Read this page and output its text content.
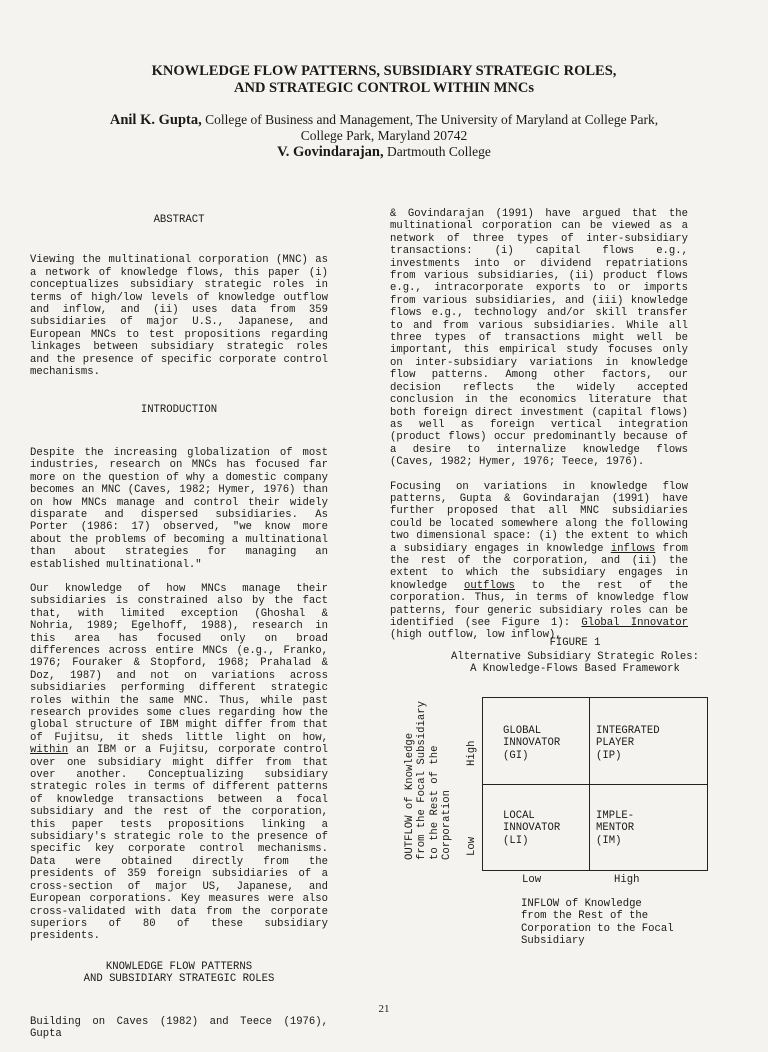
KNOWLEDGE FLOW PATTERNS, SUBSIDIARY STRATEGIC ROLES,
AND STRATEGIC CONTROL WITHIN MNCs
Anil K. Gupta, College of Business and Management, The University of Maryland at College Park,
College Park, Maryland 20742
V. Govindarajan, Dartmouth College
ABSTRACT

Viewing the multinational corporation (MNC) as a network of knowledge flows, this paper (i) conceptualizes subsidiary strategic roles in terms of high/low levels of knowledge outflow and inflow, and (ii) uses data from 359 subsidiaries of major U.S., Japanese, and European MNCs to test propositions regarding linkages between subsidiary strategic roles and the presence of specific corporate control mechanisms.

INTRODUCTION

Despite the increasing globalization of most industries, research on MNCs has focused far more on the question of why a domestic company becomes an MNC (Caves, 1982; Hymer, 1976) than on how MNCs manage and control their widely disparate and dispersed subsidiaries. As Porter (1986: 17) observed, "we know more about the problems of becoming a multinational than about strategies for managing an established multinational."

Our knowledge of how MNCs manage their subsidiaries is constrained also by the fact that, with limited exception (Ghoshal & Nohria, 1989; Egelhoff, 1988), research in this area has focused only on broad differences across entire MNCs (e.g., Franko, 1976; Fouraker & Stopford, 1968; Prahalad & Doz, 1987) and not on variations across subsidiaries performing different strategic roles within the same MNC. Thus, while past research provides some clues regarding how the global structure of IBM might differ from that of Fujitsu, it sheds little light on how, within an IBM or a Fujitsu, corporate control over one subsidiary might differ from that over another. Conceptualizing subsidiary strategic roles in terms of different patterns of knowledge transactions between a focal subsidiary and the rest of the corporation, this paper tests propositions linking a subsidiary's strategic role to the presence of specific key corporate control mechanisms. Data were obtained directly from the presidents of 359 foreign subsidiaries of a cross-section of major US, Japanese, and European corporations. Key measures were also cross-validated with data from the corporate superiors of 80 of these subsidiary presidents.

KNOWLEDGE FLOW PATTERNS
AND SUBSIDIARY STRATEGIC ROLES

Building on Caves (1982) and Teece (1976), Gupta

& Govindarajan (1991) have argued that the multinational corporation can be viewed as a network of three types of inter-subsidiary transactions: (i) capital flows e.g., investments into or dividend repatriations from various subsidiaries, (ii) product flows e.g., intracorporate exports to or imports from various subsidiaries, and (iii) knowledge flows e.g., technology and/or skill transfer to and from various subsidiaries. While all three types of transactions might well be important, this empirical study focuses only on inter-subsidiary variations in knowledge flow patterns. Among other factors, our decision reflects the widely accepted conclusion in the economics literature that both foreign direct investment (capital flows) as well as foreign vertical integration (product flows) occur predominantly because of a desire to internalize knowledge flows (Caves, 1982; Hymer, 1976; Teece, 1976).

Focusing on variations in knowledge flow patterns, Gupta & Govindarajan (1991) have further proposed that all MNC subsidiaries could be located somewhere along the following two dimensional space: (i) the extent to which a subsidiary engages in knowledge inflows from the rest of the corporation, and (ii) the extent to which the subsidiary engages in knowledge outflows to the rest of the corporation. Thus, in terms of knowledge flow patterns, four generic subsidiary roles can be identified (see Figure 1): Global Innovator (high outflow, low inflow),

FIGURE 1
Alternative Subsidiary Strategic Roles:
A Knowledge-Flows Based Framework
OUTFLOW of Knowledge from the Focal Subsidiary to the Rest of the Corporation
High
Low
GLOBAL
INNOVATOR
(GI)
INTEGRATED
PLAYER
(IP)
LOCAL
INNOVATOR
(LI)
IMPLE-
MENTOR
(IM)
Low	High
INFLOW of Knowledge
from the Rest of the
Corporation to the Focal
Subsidiary
21
